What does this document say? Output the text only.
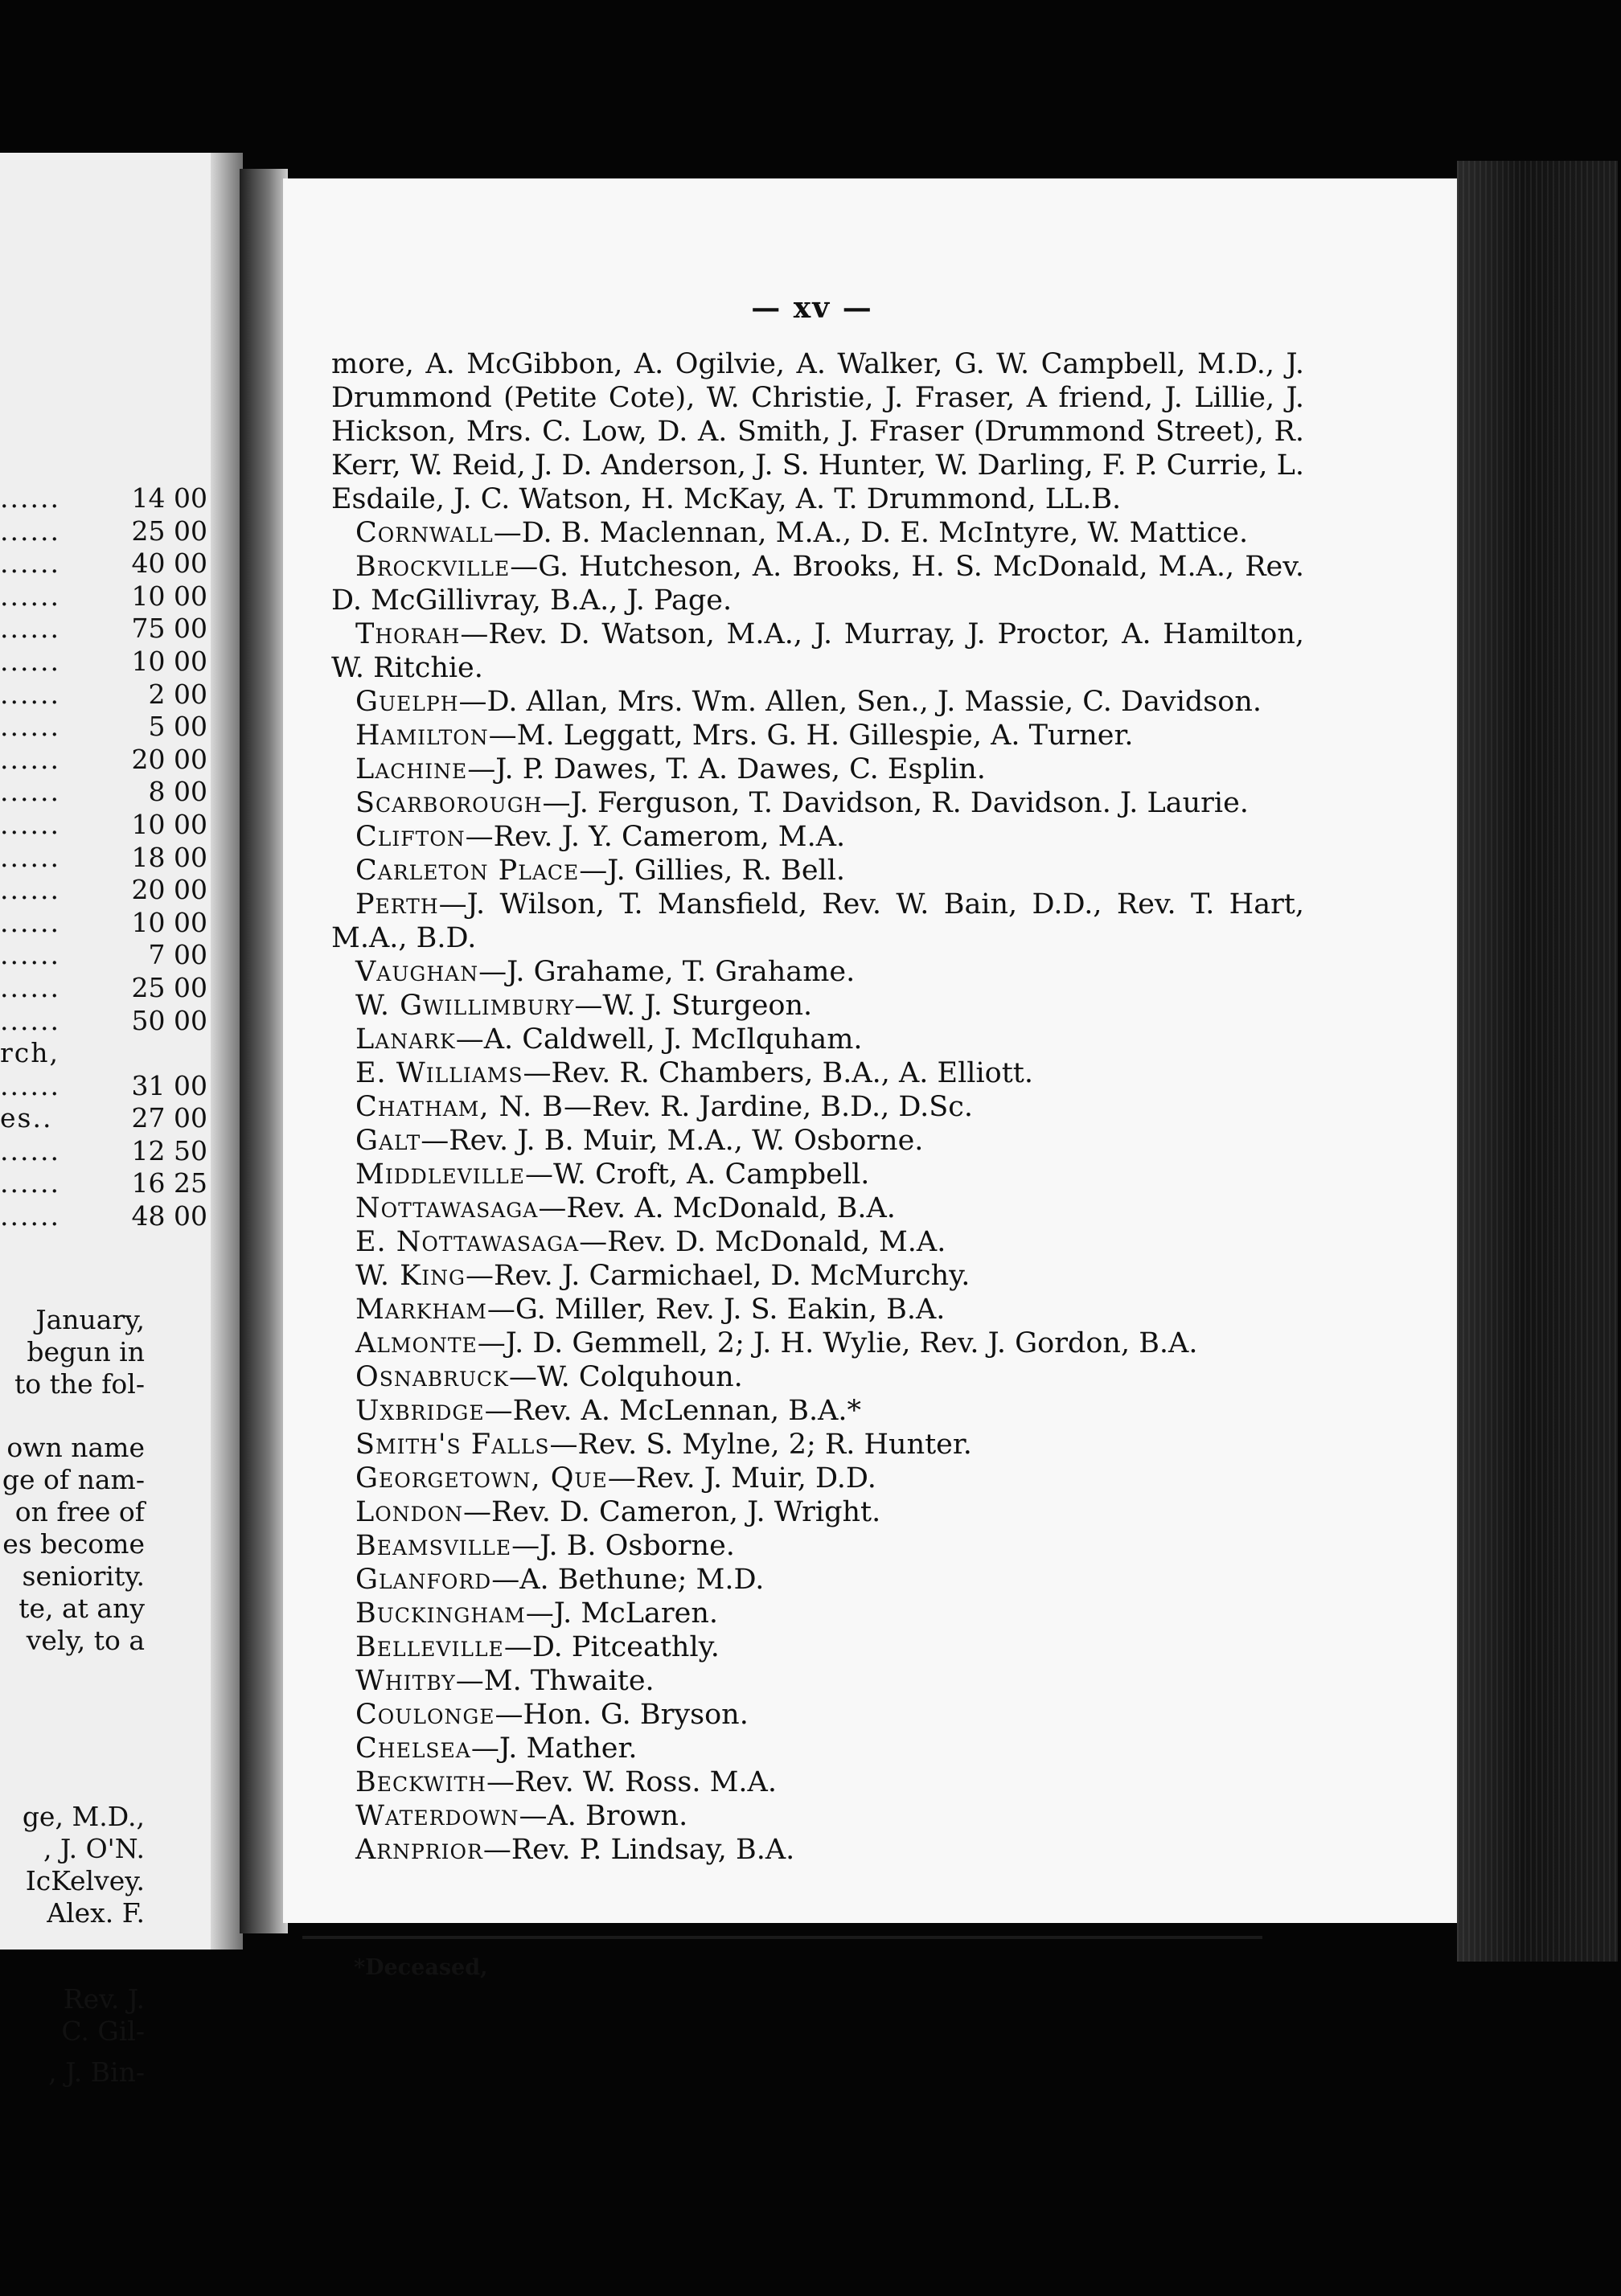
......	14 00
......	25 00
......	40 00
......	10 00
......	75 00
......	10 00
......	2 00
......	5 00
......	20 00
......	8 00
......	10 00
......	18 00
......	20 00
......	10 00
......	7 00
......	25 00
......	50 00
rch,
......	31 00
es..	27 00
......	12 50
......	16 25
......	48 00
January,
begun in
to the fol-
own name
ge of nam-
on free of
es become
seniority.
te, at any
vely, to a
ge, M.D.,
, J. O'N.
IcKelvey.
Alex. F.
Rev. J.
C. Gil-
, J. Bin-
— xv —
more, A. McGibbon, A. Ogilvie, A. Walker, G. W. Campbell, M.D., J. Drummond (Petite Cote), W. Christie, J. Fraser, A friend, J. Lillie, J. Hickson, Mrs. C. Low, D. A. Smith, J. Fraser (Drummond Street), R. Kerr, W. Reid, J. D. Anderson, J. S. Hunter, W. Darling, F. P. Currie, L. Esdaile, J. C. Watson, H. McKay, A. T. Drummond, LL.B.
Cornwall—D. B. Maclennan, M.A., D. E. McIntyre, W. Mattice.
Brockville—G. Hutcheson, A. Brooks, H. S. McDonald, M.A., Rev. D. McGillivray, B.A., J. Page.
Thorah—Rev. D. Watson, M.A., J. Murray, J. Proctor, A. Hamilton, W. Ritchie.
Guelph—D. Allan, Mrs. Wm. Allen, Sen., J. Massie, C. Davidson.
Hamilton—M. Leggatt, Mrs. G. H. Gillespie, A. Turner.
Lachine—J. P. Dawes, T. A. Dawes, C. Esplin.
Scarborough—J. Ferguson, T. Davidson, R. Davidson. J. Laurie.
Clifton—Rev. J. Y. Camerom, M.A.
Carleton Place—J. Gillies, R. Bell.
Perth—J. Wilson, T. Mansfield, Rev. W. Bain, D.D., Rev. T. Hart, M.A., B.D.
Vaughan—J. Grahame, T. Grahame.
W. Gwillimbury—W. J. Sturgeon.
Lanark—A. Caldwell, J. McIlquham.
E. Williams—Rev. R. Chambers, B.A., A. Elliott.
Chatham, N. B—Rev. R. Jardine, B.D., D.Sc.
Galt—Rev. J. B. Muir, M.A., W. Osborne.
Middleville—W. Croft, A. Campbell.
Nottawasaga—Rev. A. McDonald, B.A.
E. Nottawasaga—Rev. D. McDonald, M.A.
W. King—Rev. J. Carmichael, D. McMurchy.
Markham—G. Miller, Rev. J. S. Eakin, B.A.
Almonte—J. D. Gemmell, 2; J. H. Wylie, Rev. J. Gordon, B.A.
Osnabruck—W. Colquhoun.
Uxbridge—Rev. A. McLennan, B.A.*
Smith's Falls—Rev. S. Mylne, 2; R. Hunter.
Georgetown, Que—Rev. J. Muir, D.D.
London—Rev. D. Cameron, J. Wright.
Beamsville—J. B. Osborne.
Glanford—A. Bethune; M.D.
Buckingham—J. McLaren.
Belleville—D. Pitceathly.
Whitby—M. Thwaite.
Coulonge—Hon. G. Bryson.
Chelsea—J. Mather.
Beckwith—Rev. W. Ross. M.A.
Waterdown—A. Brown.
Arnprior—Rev. P. Lindsay, B.A.
*Deceased,
